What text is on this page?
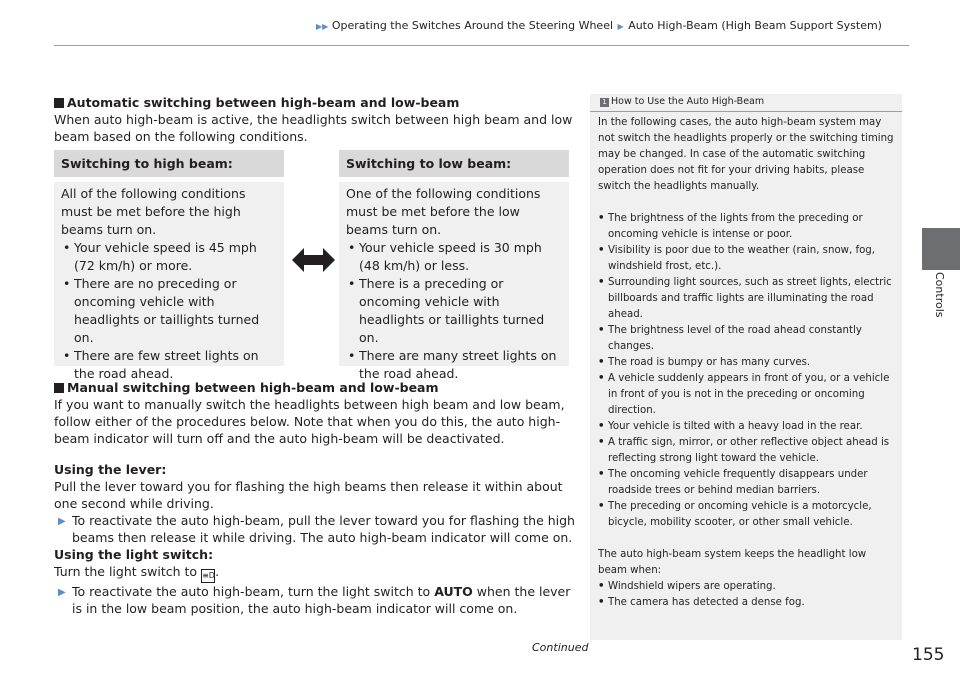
▶▶ Operating the Switches Around the Steering Wheel ▶ Auto High-Beam (High Beam Support System)
Controls
Automatic switching between high-beam and low-beam
When auto high-beam is active, the headlights switch between high beam and low
beam based on the following conditions.
Switching to high beam:	Switching to low beam:
All of the following conditions must be met before the high beams turn on.
• Your vehicle speed is 45 mph (72 km/h) or more.
• There are no preceding or oncoming vehicle with headlights or taillights turned on.
• There are few street lights on the road ahead.
One of the following conditions must be met before the low beams turn on.
• Your vehicle speed is 30 mph (48 km/h) or less.
• There is a preceding or oncoming vehicle with headlights or taillights turned on.
• There are many street lights on the road ahead.
Manual switching between high-beam and low-beam
If you want to manually switch the headlights between high beam and low beam, follow either of the procedures below. Note that when you do this, the auto high-beam indicator will turn off and the auto high-beam will be deactivated.
Using the lever:
Pull the lever toward you for flashing the high beams then release it within about one second while driving.
▶ To reactivate the auto high-beam, pull the lever toward you for flashing the high beams then release it while driving. The auto high-beam indicator will come on.
Using the light switch:
Turn the light switch to ≡D.
▶ To reactivate the auto high-beam, turn the light switch to AUTO when the lever is in the low beam position, the auto high-beam indicator will come on.
1 How to Use the Auto High-Beam
In the following cases, the auto high-beam system may not switch the headlights properly or the switching timing may be changed. In case of the automatic switching operation does not fit for your driving habits, please switch the headlights manually.
• The brightness of the lights from the preceding or oncoming vehicle is intense or poor.
• Visibility is poor due to the weather (rain, snow, fog, windshield frost, etc.).
• Surrounding light sources, such as street lights, electric billboards and traffic lights are illuminating the road ahead.
• The brightness level of the road ahead constantly changes.
• The road is bumpy or has many curves.
• A vehicle suddenly appears in front of you, or a vehicle in front of you is not in the preceding or oncoming direction.
• Your vehicle is tilted with a heavy load in the rear.
• A traffic sign, mirror, or other reflective object ahead is reflecting strong light toward the vehicle.
• The oncoming vehicle frequently disappears under roadside trees or behind median barriers.
• The preceding or oncoming vehicle is a motorcycle, bicycle, mobility scooter, or other small vehicle.
The auto high-beam system keeps the headlight low beam when:
• Windshield wipers are operating.
• The camera has detected a dense fog.
Continued	155
